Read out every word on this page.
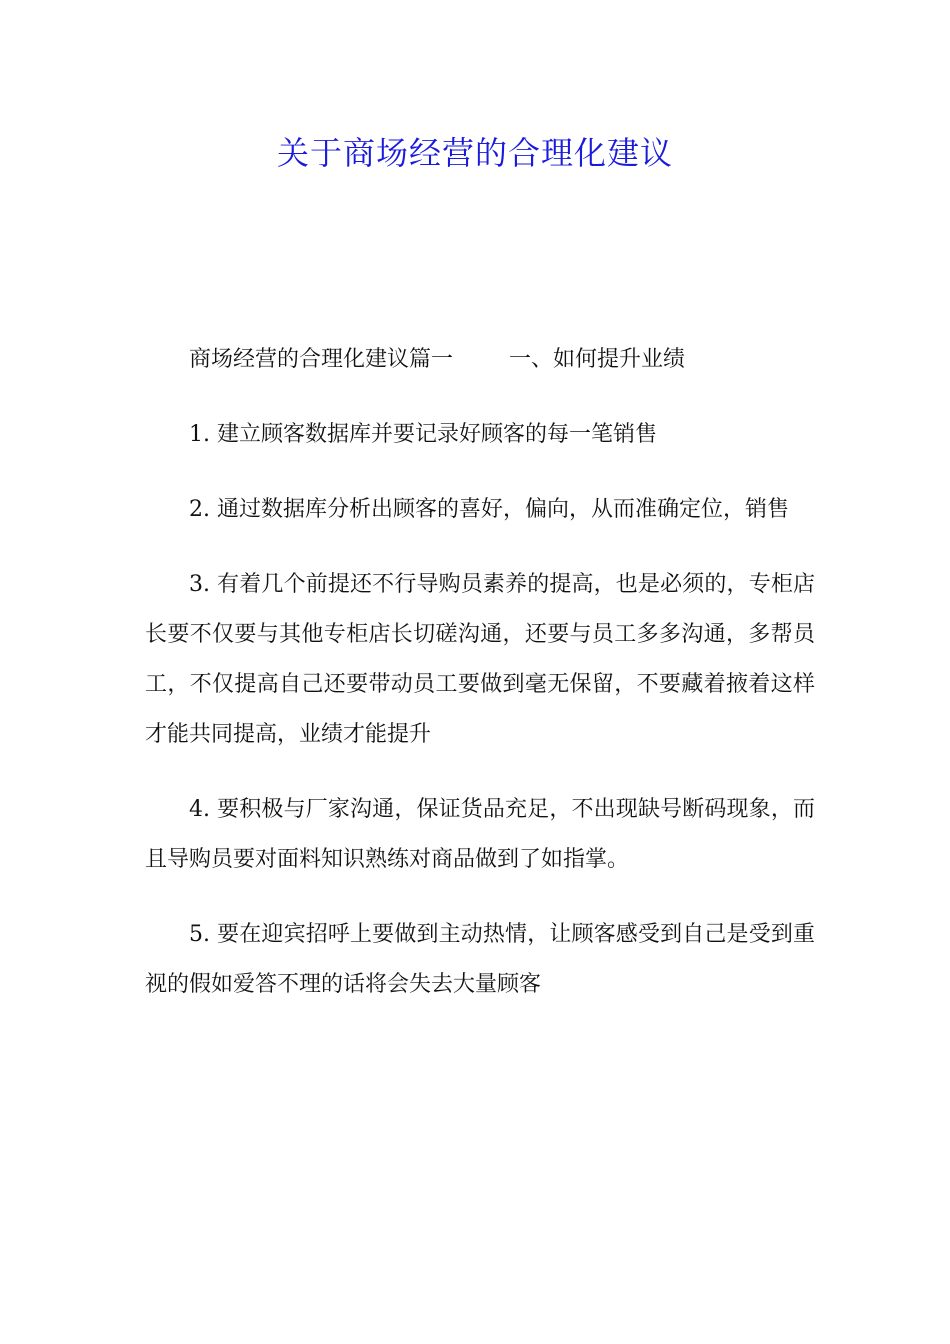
关于商场经营的合理化建议

商场经营的合理化建议篇一	一、如何提升业绩

1. 建立顾客数据库并要记录好顾客的每一笔销售

2. 通过数据库分析出顾客的喜好，偏向，从而准确定位，销售

3. 有着几个前提还不行导购员素养的提高，也是必须的，专柜店长要不仅要与其他专柜店长切磋沟通，还要与员工多多沟通，多帮员工，不仅提高自己还要带动员工要做到毫无保留，不要藏着掖着这样才能共同提高，业绩才能提升

4. 要积极与厂家沟通，保证货品充足，不出现缺号断码现象，而且导购员要对面料知识熟练对商品做到了如指掌。

5. 要在迎宾招呼上要做到主动热情，让顾客感受到自己是受到重视的假如爱答不理的话将会失去大量顾客
